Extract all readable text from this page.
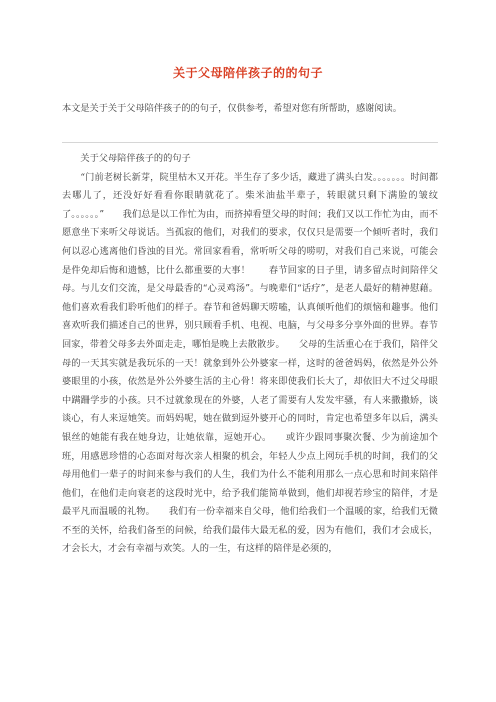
关于父母陪伴孩子的的句子
本文是关于关于父母陪伴孩子的的句子，仅供参考，希望对您有所帮助，感谢阅读。

关于父母陪伴孩子的的句子

“门前老树长新芽，院里枯木又开花。半生存了多少话，藏进了满头白发。。。。。。。时间都去哪儿了，还没好好看看你眼睛就花了。柴米油盐半辈子，转眼就只剩下满脸的皱纹了。。。。。。”　　我们总是以工作忙为由，而挤掉看望父母的时间；我们又以工作忙为由，而不愿意坐下来听父母说话。当孤寂的他们，对我们的要求，仅仅只是需要一个倾听者时，我们何以忍心逃离他们昏浊的目光。常回家看看，常听听父母的唠叨，对我们自己来说，可能会是件免却后悔和遗憾，比什么都重要的大事！　　春节回家的日子里，请多留点时间陪伴父母。与儿女们交流，是父母最香的“心灵鸡汤”。与晚辈们“话疗”，是老人最好的精神慰藉。他们喜欢看我们聆听他们的样子。春节和爸妈聊天唠嗑，认真倾听他们的烦恼和趣事。他们喜欢听我们描述自己的世界，别只顾看手机、电视、电脑，与父母多分享外面的世界。春节回家，带着父母多去外面走走，哪怕是晚上去散散步。　　父母的生活重心在于我们，陪伴父母的一天其实就是我玩乐的一天！就象到外公外婆家一样，这时的爸爸妈妈，依然是外公外婆眼里的小孩，依然是外公外婆生活的主心骨！将来即使我们长大了，却依旧大不过父母眼中蹒跚学步的小孩。只不过就象现在的外婆，人老了需要有人发发牢骚，有人来撒撒娇，谈谈心，有人来逗她笑。而妈妈呢，她在做到逗外婆开心的同时，肯定也希望多年以后，满头银丝的她能有我在她身边，让她依靠，逗她开心。　　或许少跟同事聚次餐、少为前途加个班，用感恩珍惜的心态面对每次亲人相聚的机会，年轻人少点上网玩手机的时间，我们的父母用他们一辈子的时间来参与我们的人生，我们为什么不能利用那么一点心思和时间来陪伴他们，在他们走向衰老的这段时光中，给予我们能简单做到，他们却视若珍宝的陪伴，才是最平凡而温暖的礼物。　　我们有一份幸福来自父母，他们给我们一个温暖的家，给我们无微不至的关怀，给我们备至的问候，给我们最伟大最无私的爱，因为有他们，我们才会成长，才会长大，才会有幸福与欢笑。人的一生，有这样的陪伴是必须的，
